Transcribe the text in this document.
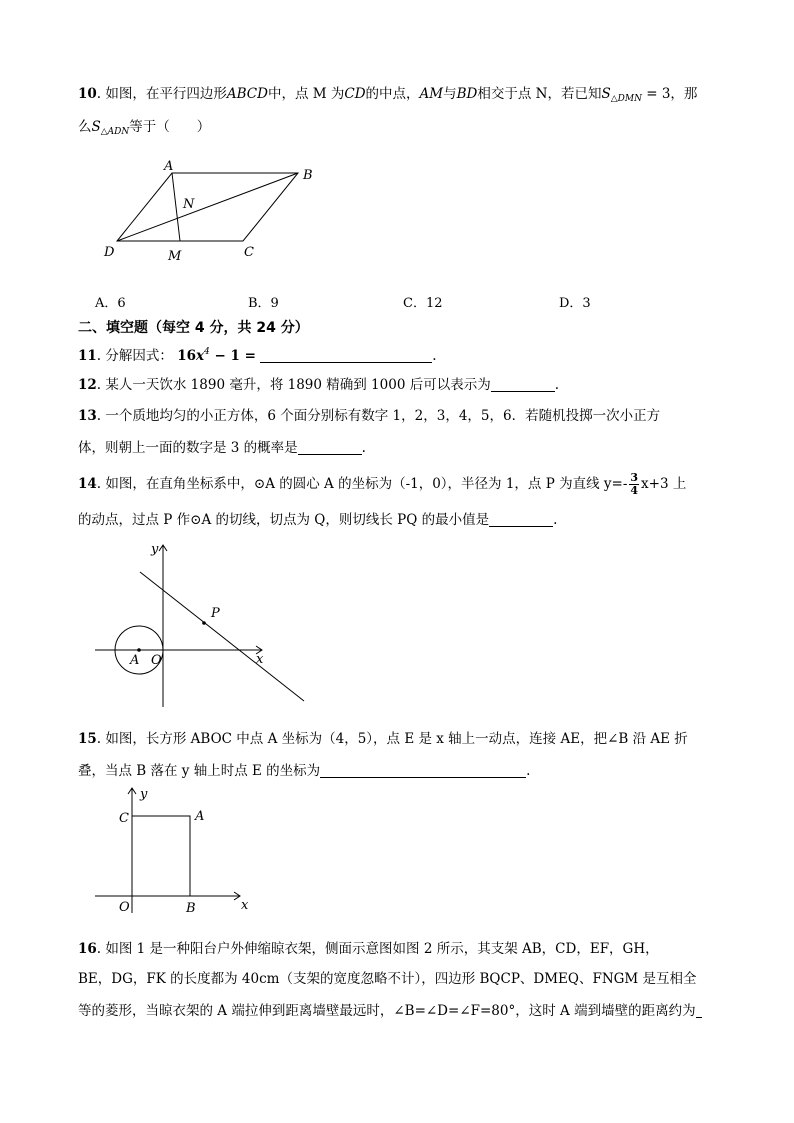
10. 如图，在平行四边形ABCD中，点 M 为CD的中点，AM与BD相交于点 N，若已知$S_{\triangle DMN} = 3$，那
么$S_{\triangle ADN}$等于（　　）
A
B
N
D	M	C
A．6	B．9	C．12	D．3
二、填空题（每空 4 分，共 24 分）
11. 分解因式： $16x^4 - 1$ =	.
12. 某人一天饮水 1890 毫升，将 1890 精确到 1000 后可以表示为	.
13. 一个质地均匀的小正方体，6 个面分别标有数字 1，2，3，4，5，6．若随机投掷一次小正方
体，则朝上一面的数字是 3 的概率是	.
14. 如图，在直角坐标系中，⊙A 的圆心 A 的坐标为（-1，0），半径为 1，点 P 为直线 $y=- \frac{3}{4} x+3$ 上
的动点，过点 P 作⊙A 的切线，切点为 Q，则切线长 PQ 的最小值是	.
y
x
P
A O
15. 如图，长方形 ABOC 中点 A 坐标为（4，5），点 E 是 x 轴上一动点，连接 AE，把∠B 沿 AE 折
叠，当点 B 落在 y 轴上时点 E 的坐标为	.
y
x
C	A
O	B
16. 如图 1 是一种阳台户外伸缩晾衣架，侧面示意图如图 2 所示，其支架 AB，CD，EF，GH，
BE，DG，FK 的长度都为 40cm（支架的宽度忽略不计），四边形 BQCP、DMEQ、FNGM 是互相全
等的菱形，当晾衣架的 A 端拉伸到距离墙壁最远时，∠B=∠D=∠F=80°，这时 A 端到墙壁的距离约为
